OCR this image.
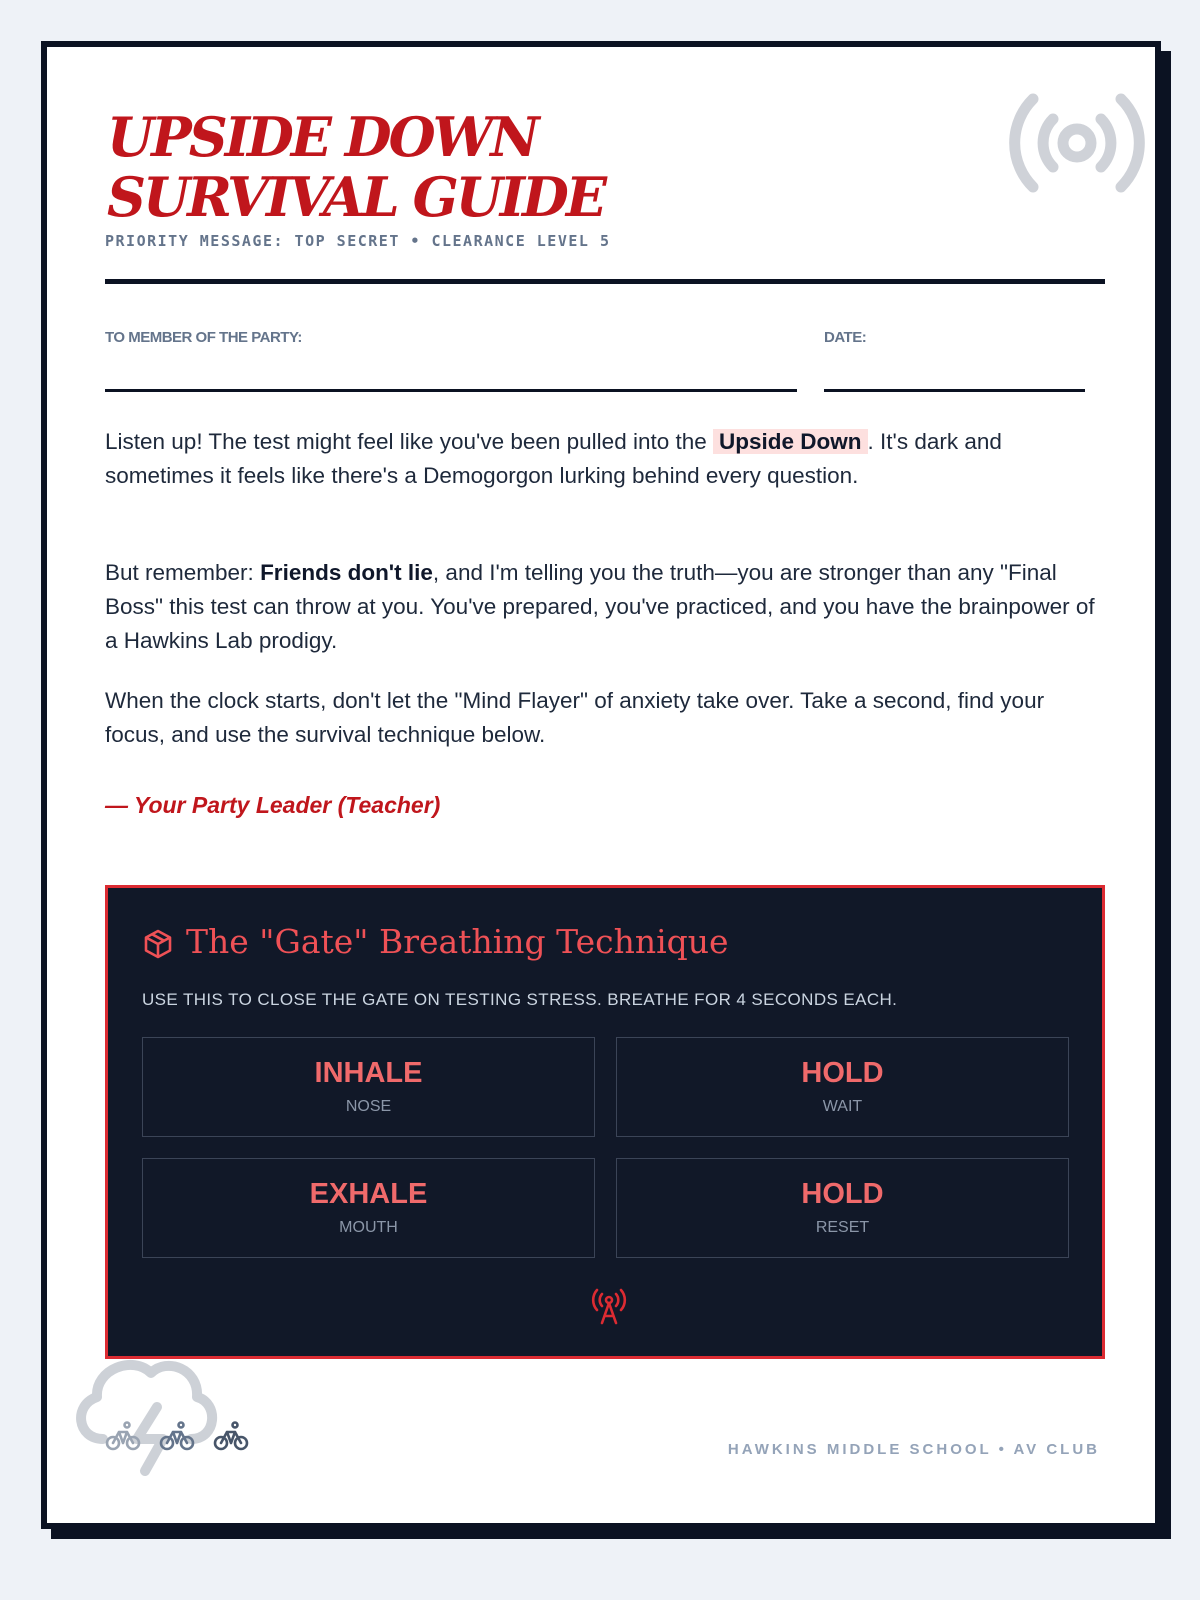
UPSIDE DOWN
SURVIVAL GUIDE
PRIORITY MESSAGE: TOP SECRET • CLEARANCE LEVEL 5
TO MEMBER OF THE PARTY:	DATE:

Listen up! The test might feel like you've been pulled into the Upside Down . It's dark and sometimes it feels like there's a Demogorgon lurking behind every question.

But remember: Friends don't lie, and I'm telling you the truth—you are stronger than any "Final Boss" this test can throw at you. You've prepared, you've practiced, and you have the brainpower of a Hawkins Lab prodigy.

When the clock starts, don't let the "Mind Flayer" of anxiety take over. Take a second, find your focus, and use the survival technique below.

— Your Party Leader (Teacher)
The "Gate" Breathing Technique
USE THIS TO CLOSE THE GATE ON TESTING STRESS. BREATHE FOR 4 SECONDS EACH.
INHALE
NOSE
HOLD
WAIT
EXHALE
MOUTH
HOLD
RESET
HAWKINS MIDDLE SCHOOL • AV CLUB
